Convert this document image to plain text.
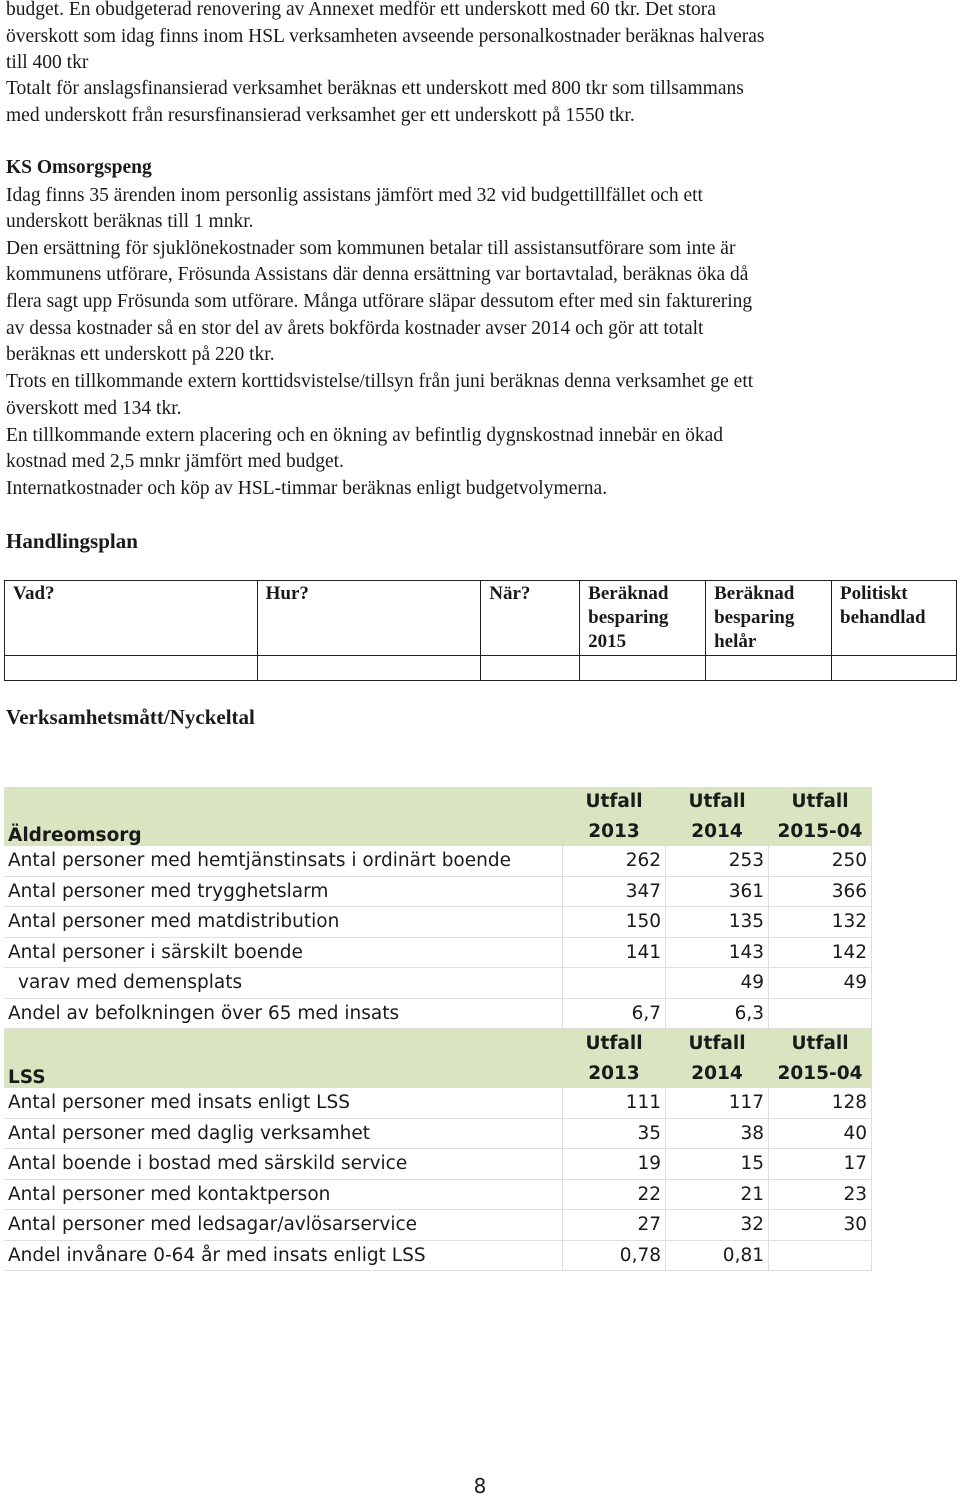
budget. En obudgeterad renovering av Annexet medför ett underskott med 60 tkr. Det stora

överskott som idag finns inom HSL verksamheten avseende personalkostnader beräknas halveras

till 400 tkr

Totalt för anslagsfinansierad verksamhet beräknas ett underskott med 800 tkr som tillsammans

med underskott från resursfinansierad verksamhet ger ett underskott på 1550 tkr.

KS Omsorgspeng

Idag finns 35 ärenden inom personlig assistans jämfört med 32 vid budgettillfället och ett

underskott beräknas till 1 mnkr.

Den ersättning för sjuklönekostnader som kommunen betalar till assistansutförare som inte är

kommunens utförare, Frösunda Assistans där denna ersättning var bortavtalad, beräknas öka då

flera sagt upp Frösunda som utförare. Många utförare släpar dessutom efter med sin fakturering

av dessa kostnader så en stor del av årets bokförda kostnader avser 2014 och gör att totalt

beräknas ett underskott på 220 tkr.

Trots en tillkommande extern korttidsvistelse/tillsyn från juni beräknas denna verksamhet ge ett

överskott med 134 tkr.

En tillkommande extern placering och en ökning av befintlig dygnskostnad innebär en ökad

kostnad med 2,5 mnkr jämfört med budget.

Internatkostnader och köp av HSL-timmar beräknas enligt budgetvolymerna.

Handlingsplan
Vad?	Hur?	När?	Beräknad besparing 2015	Beräknad besparing helår	Politiskt behandlad

Verksamhetsmått/Nyckeltal
	Utfall	Utfall	Utfall
Äldreomsorg	2013	2014	2015-04
Antal personer med hemtjänstinsats i ordinärt boende	262	253	250
Antal personer med trygghetslarm	347	361	366
Antal personer med matdistribution	150	135	132
Antal personer i särskilt boende	141	143	142
varav med demensplats		49	49
Andel av befolkningen över 65 med insats	6,7	6,3	
	Utfall	Utfall	Utfall
LSS	2013	2014	2015-04
Antal personer med insats enligt LSS	111	117	128
Antal personer med daglig verksamhet	35	38	40
Antal boende i bostad med särskild service	19	15	17
Antal personer med kontaktperson	22	21	23
Antal personer med ledsagar/avlösarservice	27	32	30
Andel invånare 0-64 år med insats enligt LSS	0,78	0,81	
8
